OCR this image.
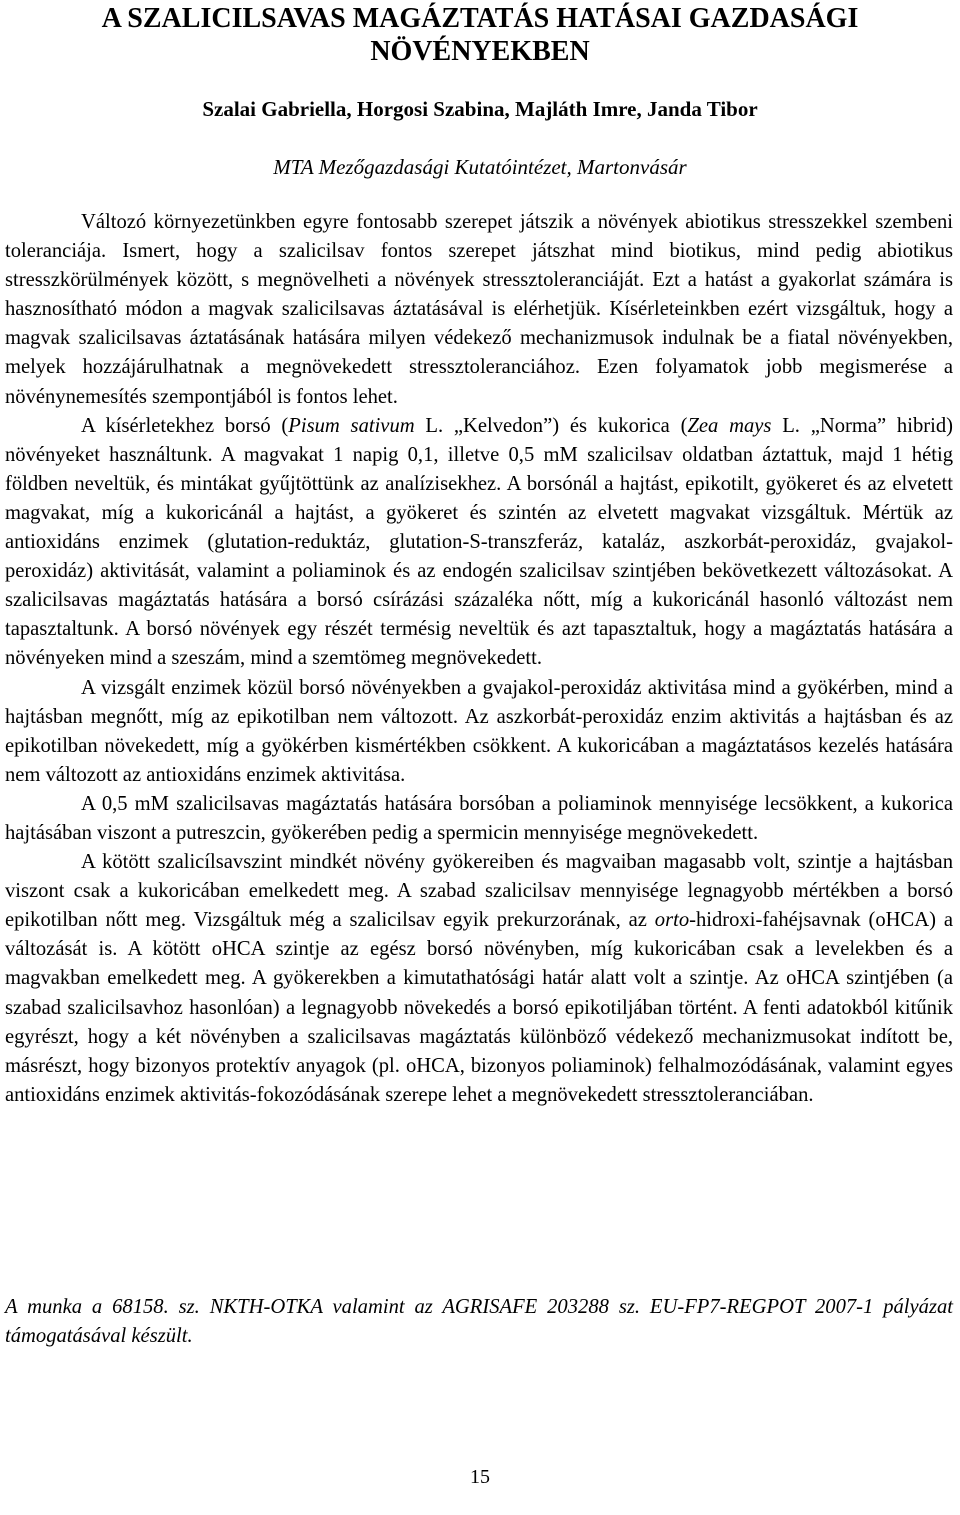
A SZALICILSAVAS MAGÁZTATÁS HATÁSAI GAZDASÁGI NÖVÉNYEKBEN
Szalai Gabriella, Horgosi Szabina, Majláth Imre, Janda Tibor
MTA Mezőgazdasági Kutatóintézet, Martonvásár

Változó környezetünkben egyre fontosabb szerepet játszik a növények abiotikus stresszekkel szembeni toleranciája. Ismert, hogy a szalicilsav fontos szerepet játszhat mind biotikus, mind pedig abiotikus stresszkörülmények között, s megnövelheti a növények stressztoleranciáját. Ezt a hatást a gyakorlat számára is hasznosítható módon a magvak szalicilsavas áztatásával is elérhetjük. Kísérleteinkben ezért vizsgáltuk, hogy a magvak szalicilsavas áztatásának hatására milyen védekező mechanizmusok indulnak be a fiatal növényekben, melyek hozzájárulhatnak a megnövekedett stressztoleranciához. Ezen folyamatok jobb megismerése a növénynemesítés szempontjából is fontos lehet.

A kísérletekhez borsó (Pisum sativum L. „Kelvedon”) és kukorica (Zea mays L. „Norma” hibrid) növényeket használtunk. A magvakat 1 napig 0,1, illetve 0,5 mM szalicilsav oldatban áztattuk, majd 1 hétig földben neveltük, és mintákat gyűjtöttünk az analízisekhez. A borsónál a hajtást, epikotilt, gyökeret és az elvetett magvakat, míg a kukoricánál a hajtást, a gyökeret és szintén az elvetett magvakat vizsgáltuk. Mértük az antioxidáns enzimek (glutation-reduktáz, glutation-S-transzferáz, kataláz, aszkorbát-peroxidáz, gvajakol-peroxidáz) aktivitását, valamint a poliaminok és az endogén szalicilsav szintjében bekövetkezett változásokat. A szalicilsavas magáztatás hatására a borsó csírázási százaléka nőtt, míg a kukoricánál hasonló változást nem tapasztaltunk. A borsó növények egy részét termésig neveltük és azt tapasztaltuk, hogy a magáztatás hatására a növényeken mind a szeszám, mind a szemtömeg megnövekedett.

A vizsgált enzimek közül borsó növényekben a gvajakol-peroxidáz aktivitása mind a gyökérben, mind a hajtásban megnőtt, míg az epikotilban nem változott. Az aszkorbát-peroxidáz enzim aktivitás a hajtásban és az epikotilban növekedett, míg a gyökérben kismértékben csökkent. A kukoricában a magáztatásos kezelés hatására nem változott az antioxidáns enzimek aktivitása.

A 0,5 mM szalicilsavas magáztatás hatására borsóban a poliaminok mennyisége lecsökkent, a kukorica hajtásában viszont a putreszcin, gyökerében pedig a spermicin mennyisége megnövekedett.

A kötött szalicílsavszint mindkét növény gyökereiben és magvaiban magasabb volt, szintje a hajtásban viszont csak a kukoricában emelkedett meg. A szabad szalicilsav mennyisége legnagyobb mértékben a borsó epikotilban nőtt meg. Vizsgáltuk még a szalicilsav egyik prekurzorának, az orto-hidroxi-fahéjsavnak (oHCA) a változását is. A kötött oHCA szintje az egész borsó növényben, míg kukoricában csak a levelekben és a magvakban emelkedett meg. A gyökerekben a kimutathatósági határ alatt volt a szintje. Az oHCA szintjében (a szabad szalicilsavhoz hasonlóan) a legnagyobb növekedés a borsó epikotiljában történt. A fenti adatokból kitűnik egyrészt, hogy a két növényben a szalicilsavas magáztatás különböző védekező mechanizmusokat indított be, másrészt, hogy bizonyos protektív anyagok (pl. oHCA, bizonyos poliaminok) felhalmozódásának, valamint egyes antioxidáns enzimek aktivitás-fokozódásának szerepe lehet a megnövekedett stressztoleranciában.

A munka a 68158. sz. NKTH-OTKA valamint az AGRISAFE 203288 sz. EU-FP7-REGPOT 2007-1 pályázat támogatásával készült.

15
